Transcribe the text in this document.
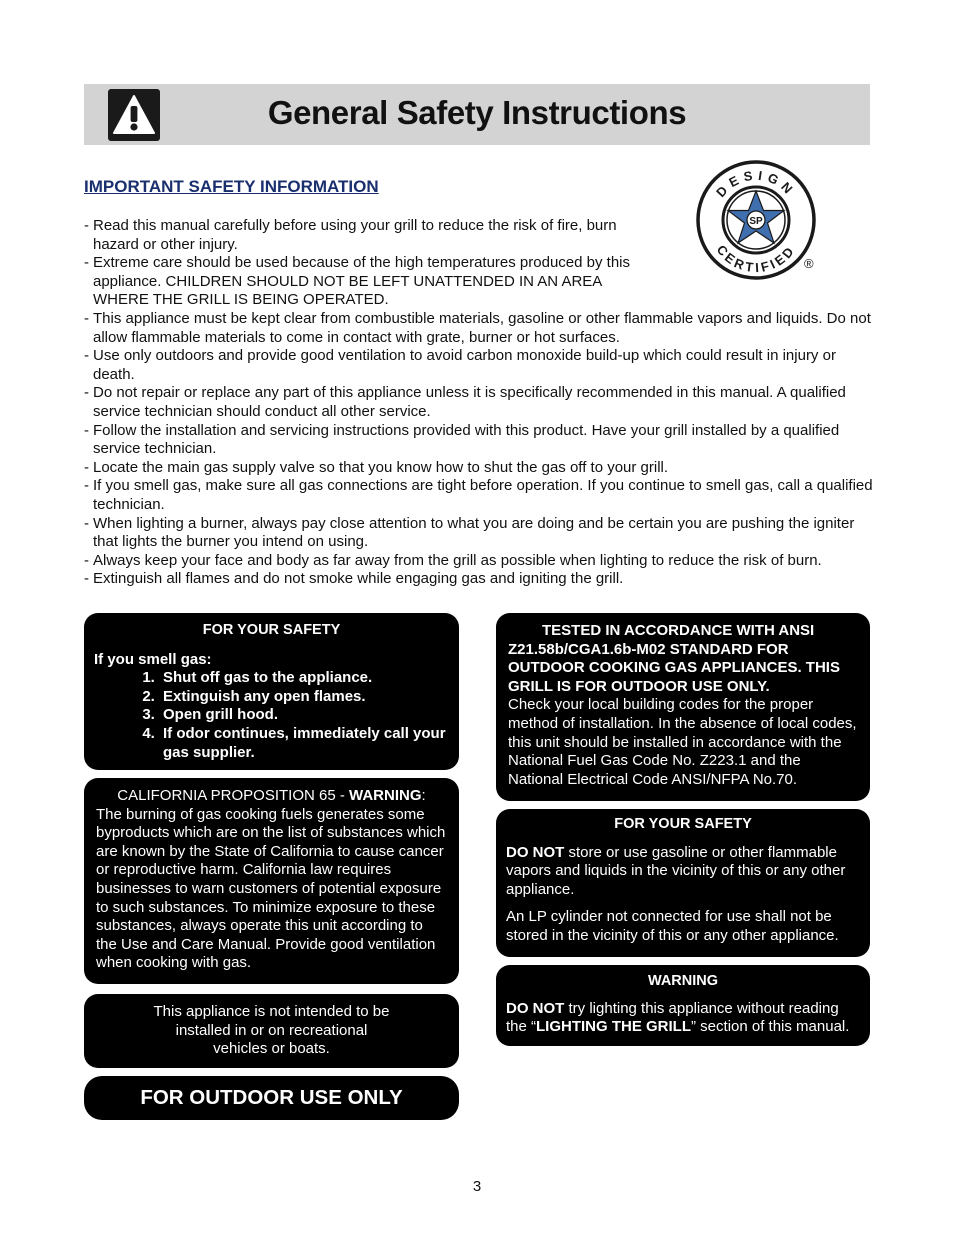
General Safety Instructions
IMPORTANT SAFETY INFORMATION	DESIGN
CERTIFIED
SP
®
- Read this manual carefully before using your grill to reduce the risk of fire, burn hazard or other injury.
- Extreme care should be used because of the high temperatures produced by this appliance. CHILDREN SHOULD NOT BE LEFT UNATTENDED IN AN AREA WHERE THE GRILL IS BEING OPERATED.
- This appliance must be kept clear from combustible materials, gasoline or other flammable vapors and liquids. Do not allow flammable materials to come in contact with grate, burner or hot surfaces.
- Use only outdoors and provide good ventilation to avoid carbon monoxide build-up which could result in injury or death.
- Do not repair or replace any part of this appliance unless it is specifically recommended in this manual. A qualified service technician should conduct all other service.
- Follow the installation and servicing instructions provided with this product. Have your grill installed by a qualified service technician.
- Locate the main gas supply valve so that you know how to shut the gas off to your grill.
- If you smell gas, make sure all gas connections are tight before operation. If you continue to smell gas, call a qualified technician.
- When lighting a burner, always pay close attention to what you are doing and be certain you are pushing the igniter that lights the burner you intend on using.
- Always keep your face and body as far away from the grill as possible when lighting to reduce the risk of burn.
- Extinguish all flames and do not smoke while engaging gas and igniting the grill.
FOR YOUR SAFETY
If you smell gas:
1. Shut off gas to the appliance.
2. Extinguish any open flames.
3. Open grill hood.
4. If odor continues, immediately call your gas supplier.
CALIFORNIA PROPOSITION 65 - WARNING:
The burning of gas cooking fuels generates some byproducts which are on the list of substances which are known by the State of California to cause cancer or reproductive harm. California law requires businesses to warn customers of potential exposure to such substances. To minimize exposure to these substances, always operate this unit according to the Use and Care Manual. Provide good ventilation when cooking with gas.
This appliance is not intended to be
installed in or on recreational
vehicles or boats.
FOR OUTDOOR USE ONLY
TESTED IN ACCORDANCE WITH ANSI Z21.58b/CGA1.6b-M02 STANDARD FOR OUTDOOR COOKING GAS APPLIANCES. THIS GRILL IS FOR OUTDOOR USE ONLY.
Check your local building codes for the proper method of installation. In the absence of local codes, this unit should be installed in accordance with the National Fuel Gas Code No. Z223.1 and the National Electrical Code ANSI/NFPA No.70.
FOR YOUR SAFETY
DO NOT store or use gasoline or other flammable vapors and liquids in the vicinity of this or any other appliance.
An LP cylinder not connected for use shall not be stored in the vicinity of this or any other appliance.
WARNING
DO NOT try lighting this appliance without reading the “LIGHTING THE GRILL” section of this manual.
3
